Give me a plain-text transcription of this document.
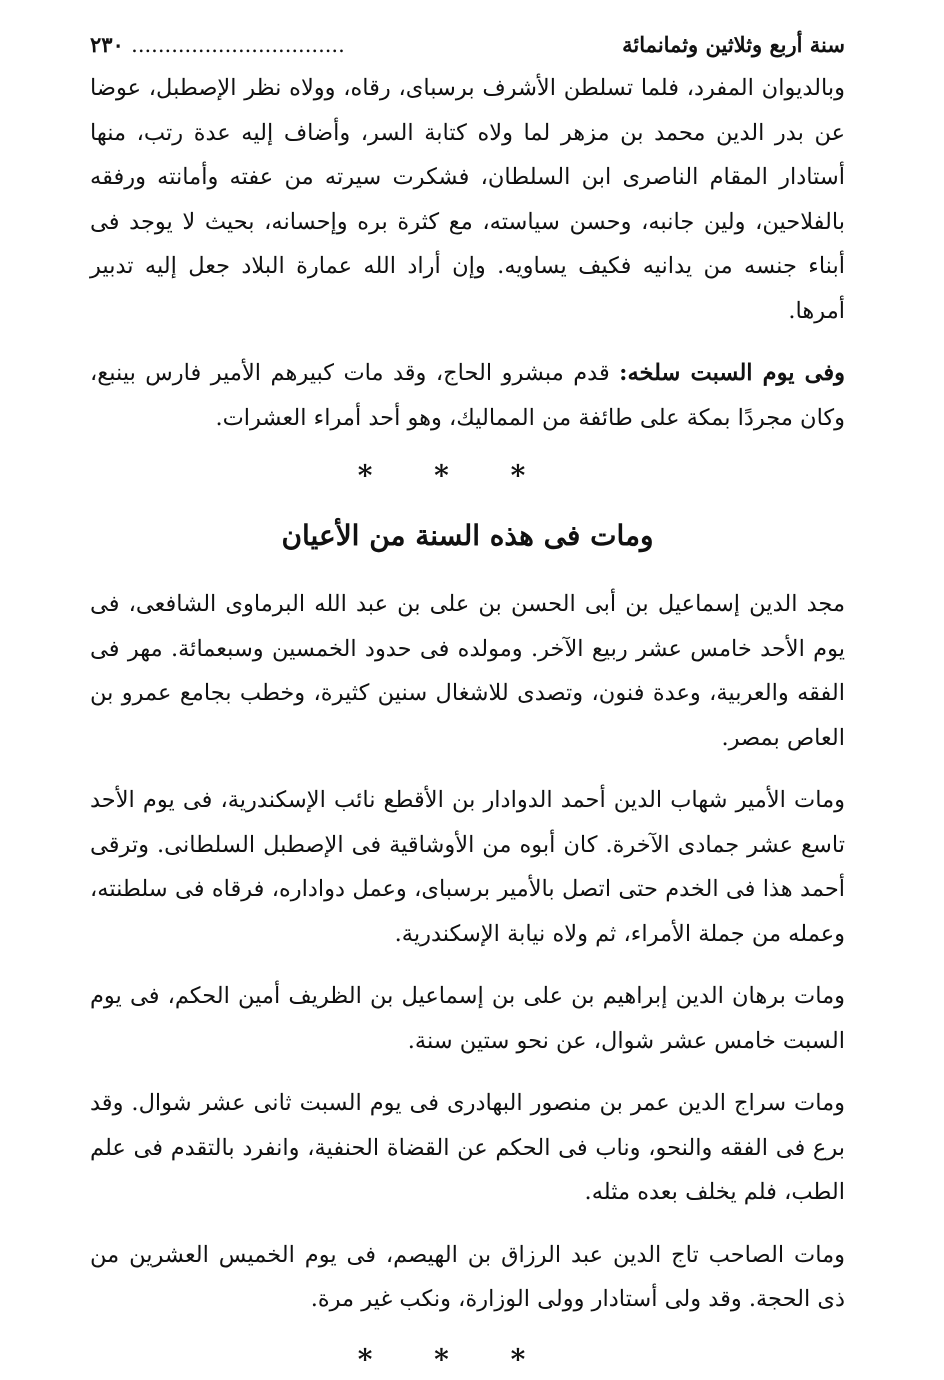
سنة أربع وثلاثين وثمانمائة
................................ ٢٣٠

وبالديوان المفرد، فلما تسلطن الأشرف برسباى، رقاه، وولاه نظر الإصطبل، عوضا عن بدر الدين محمد بن مزهر لما ولاه كتابة السر، وأضاف إليه عدة رتب، منها أستادار المقام الناصرى ابن السلطان، فشكرت سيرته من عفته وأمانته ورفقه بالفلاحين، ولين جانبه، وحسن سياسته، مع كثرة بره وإحسانه، بحيث لا يوجد فى أبناء جنسه من يدانيه فكيف يساويه. وإن أراد الله عمارة البلاد جعل إليه تدبير أمرها.

وفى يوم السبت سلخه: قدم مبشرو الحاج، وقد مات كبيرهم الأمير فارس بينبع، وكان مجردًا بمكة على طائفة من المماليك، وهو أحد أمراء العشرات.

* * *
ومات فى هذه السنة من الأعيان

مجد الدين إسماعيل بن أبى الحسن بن على بن عبد الله البرماوى الشافعى، فى يوم الأحد خامس عشر ربيع الآخر. ومولده فى حدود الخمسين وسبعمائة. مهر فى الفقه والعربية، وعدة فنون، وتصدى للاشغال سنين كثيرة، وخطب بجامع عمرو بن العاص بمصر.

ومات الأمير شهاب الدين أحمد الدوادار بن الأقطع نائب الإسكندرية، فى يوم الأحد تاسع عشر جمادى الآخرة. كان أبوه من الأوشاقية فى الإصطبل السلطانى. وترقى أحمد هذا فى الخدم حتى اتصل بالأمير برسباى، وعمل دواداره، فرقاه فى سلطنته، وعمله من جملة الأمراء، ثم ولاه نيابة الإسكندرية.

ومات برهان الدين إبراهيم بن على بن إسماعيل بن الظريف أمين الحكم، فى يوم السبت خامس عشر شوال، عن نحو ستين سنة.

ومات سراج الدين عمر بن منصور البهادرى فى يوم السبت ثانى عشر شوال. وقد برع فى الفقه والنحو، وناب فى الحكم عن القضاة الحنفية، وانفرد بالتقدم فى علم الطب، فلم يخلف بعده مثله.

ومات الصاحب تاج الدين عبد الرزاق بن الهيصم، فى يوم الخميس العشرين من ذى الحجة. وقد ولى أستادار وولى الوزارة، ونكب غير مرة.

* * *
